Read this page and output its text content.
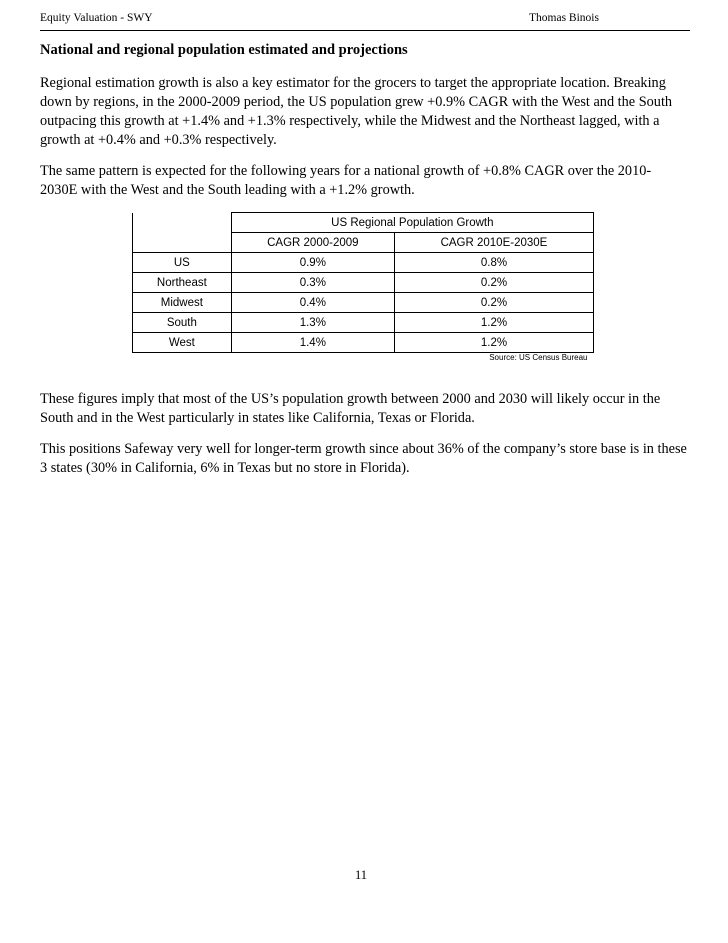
Equity Valuation - SWY	Thomas Binois
National and regional population estimated and projections

Regional estimation growth is also a key estimator for the grocers to target the appropriate location. Breaking down by regions, in the 2000-2009 period, the US population grew +0.9% CAGR with the West and the South outpacing this growth at +1.4% and +1.3% respectively, while the Midwest and the Northeast lagged, with a growth at +0.4% and +0.3% respectively.

The same pattern is expected for the following years for a national growth of +0.8% CAGR over the 2010-2030E with the West and the South leading with a +1.2% growth.

	US Regional Population Growth	
	CAGR 2000-2009	CAGR 2010E-2030E
US	0.9%	0.8%
Northeast	0.3%	0.2%
Midwest	0.4%	0.2%
South	1.3%	1.2%
West	1.4%	1.2%
Source: US Census Bureau		

These figures imply that most of the US’s population growth between 2000 and 2030 will likely occur in the South and in the West particularly in states like California, Texas or Florida.

This positions Safeway very well for longer-term growth since about 36% of the company’s store base is in these 3 states (30% in California, 6% in Texas but no store in Florida).

11
